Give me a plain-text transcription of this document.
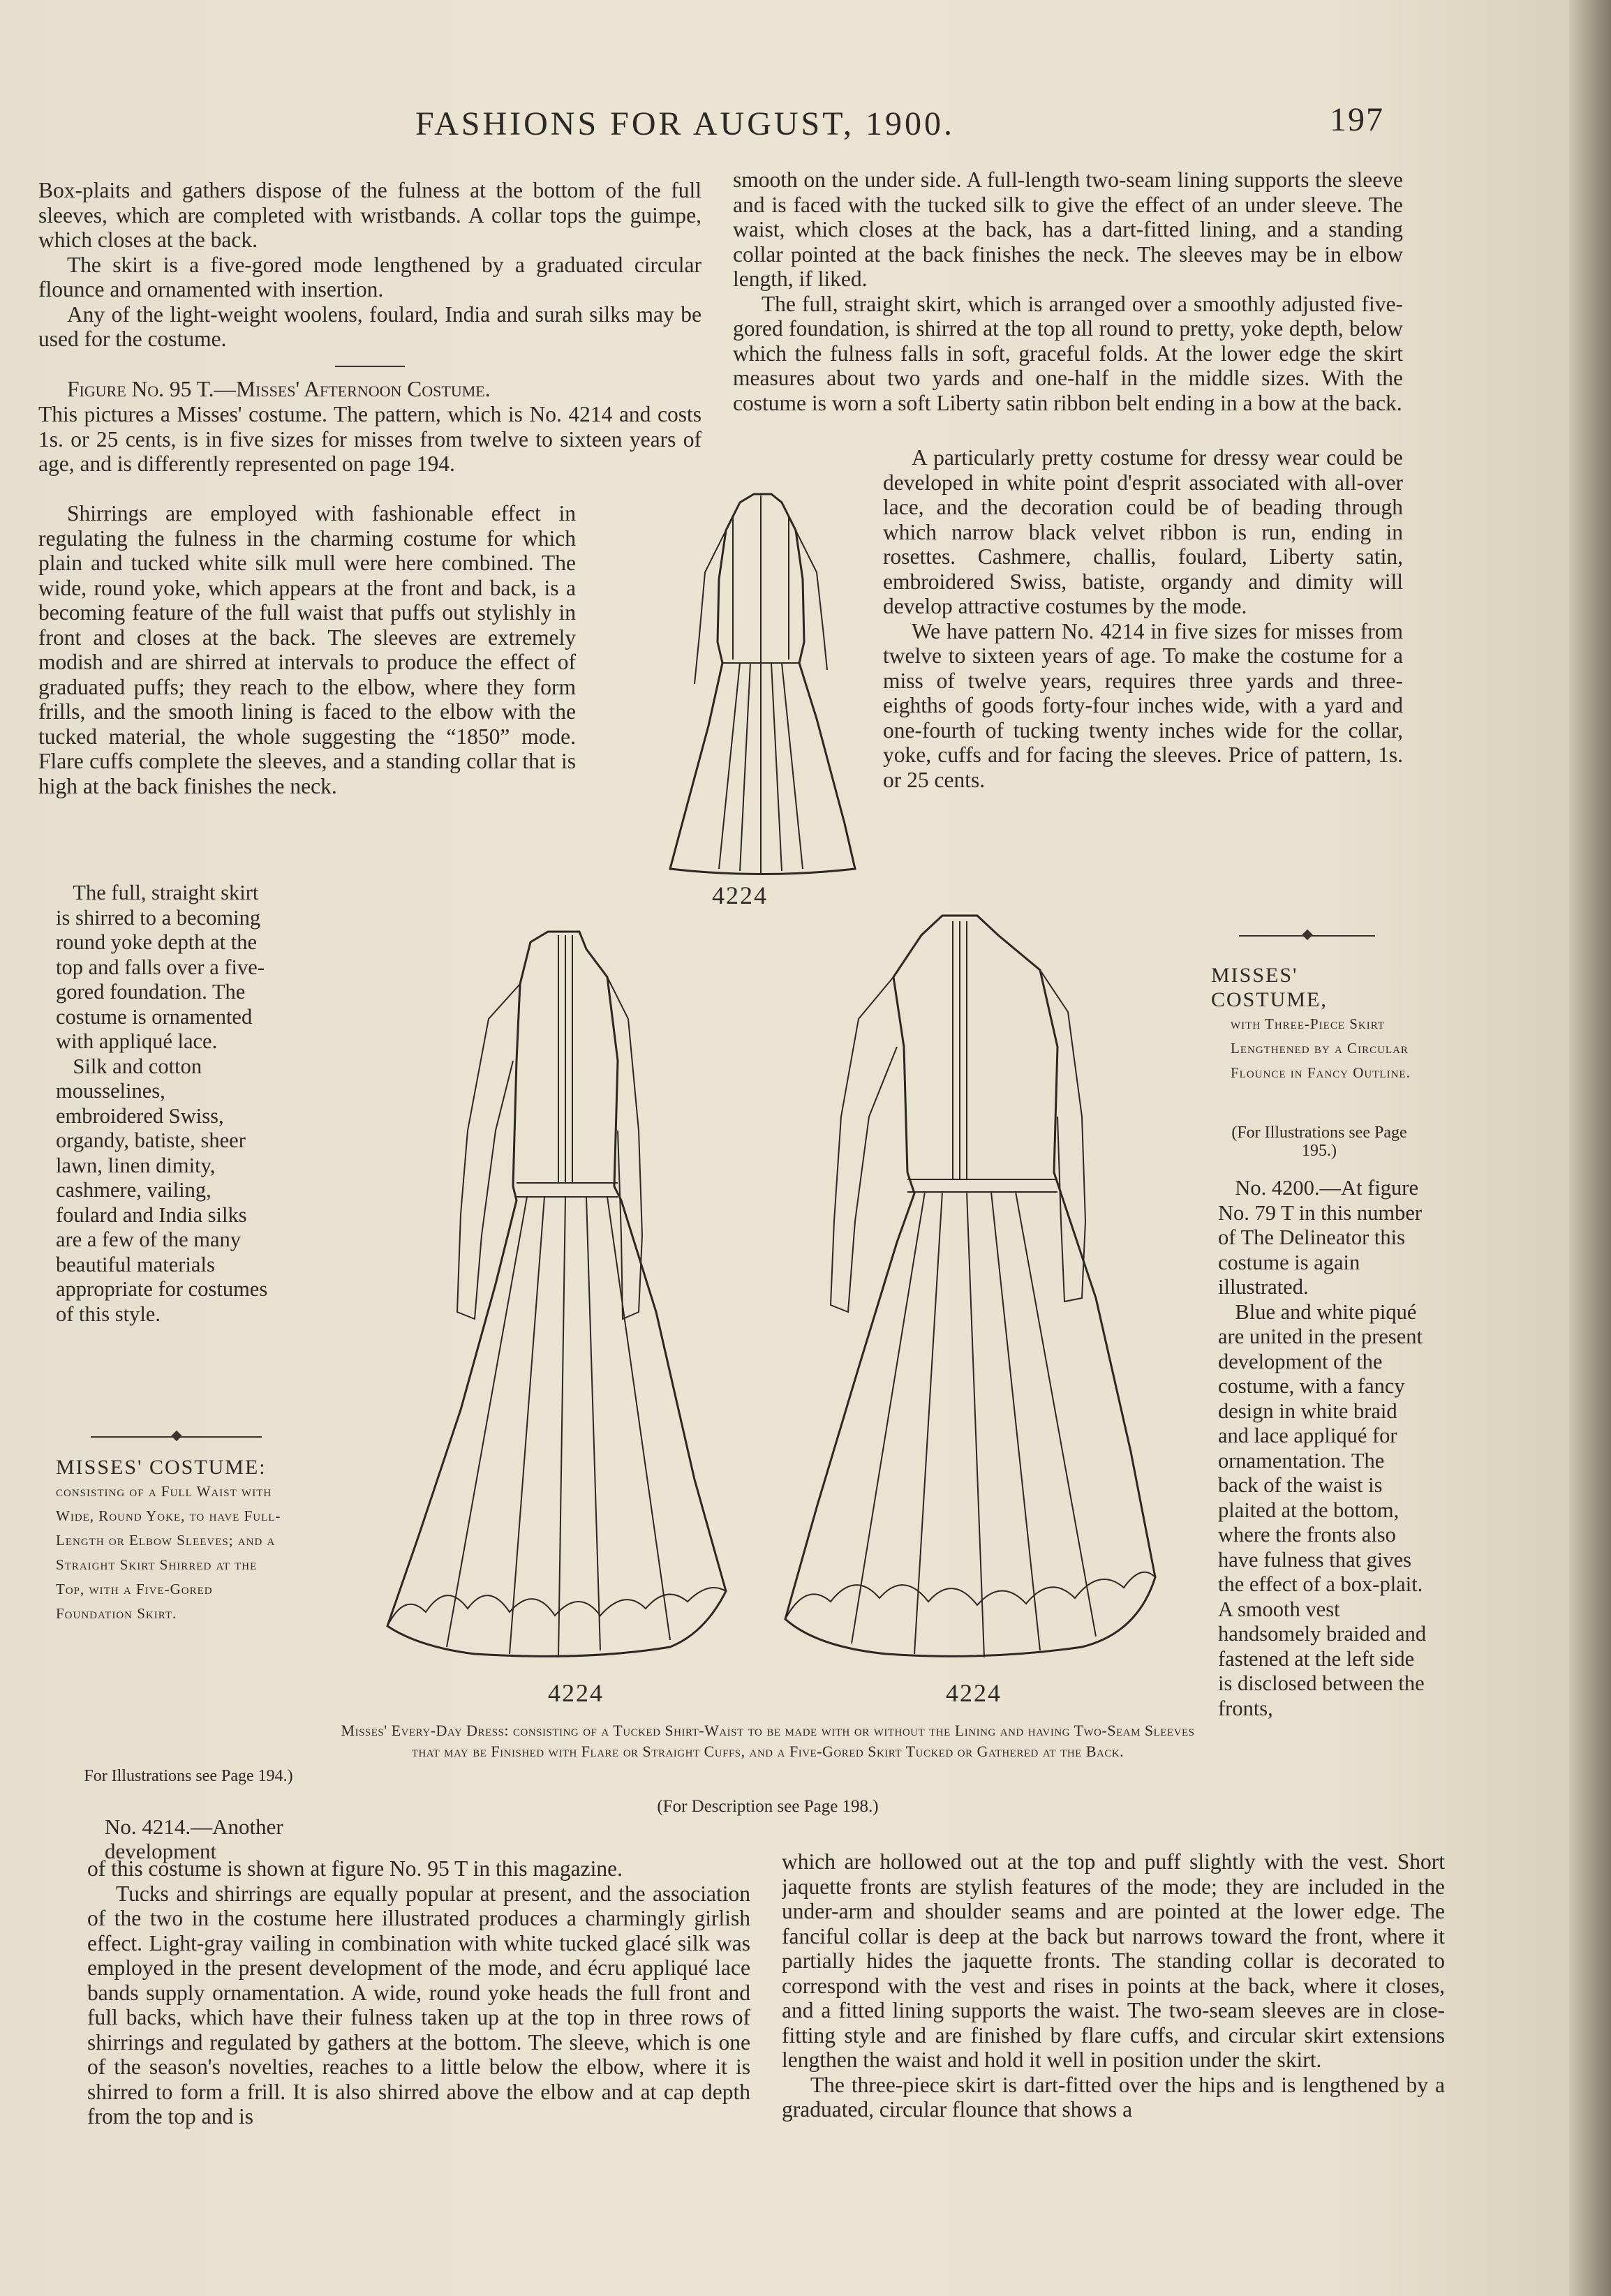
FASHIONS FOR AUGUST, 1900.	197

Box-plaits and gathers dispose of the fulness at the bottom of the full sleeves, which are completed with wristbands. A collar tops the guimpe, which closes at the back.

The skirt is a five-gored mode lengthened by a graduated circular flounce and ornamented with insertion.

Any of the light-weight woolens, foulard, India and surah silks may be used for the costume.

Figure No. 95 T.—Misses' Afternoon Costume.

This pictures a Misses' costume. The pattern, which is No. 4214 and costs 1s. or 25 cents, is in five sizes for misses from twelve to sixteen years of age, and is differently represented on page 194.

Shirrings are employed with fashionable effect in regulating the fulness in the charming costume for which plain and tucked white silk mull were here combined. The wide, round yoke, which appears at the front and back, is a becoming feature of the full waist that puffs out stylishly in front and closes at the back. The sleeves are extremely modish and are shirred at intervals to produce the effect of graduated puffs; they reach to the elbow, where they form frills, and the smooth lining is faced to the elbow with the tucked material, the whole suggesting the “1850” mode. Flare cuffs complete the sleeves, and a standing collar that is high at the back finishes the neck.

The full, straight skirt is shirred to a becoming round yoke depth at the top and falls over a five-gored foundation. The costume is ornamented with appliqué lace.

Silk and cotton mousselines, embroidered Swiss, organdy, batiste, sheer lawn, linen dimity, cashmere, vailing, foulard and India silks are a few of the many beautiful materials appropriate for costumes of this style.

MISSES' COSTUME:
consisting of a Full Waist with Wide, Round Yoke, to have Full-Length or Elbow Sleeves; and a Straight Skirt Shirred at the Top, with a Five-Gored Foundation Skirt.
For Illustrations see Page 194.)
No. 4214.—Another development

smooth on the under side. A full-length two-seam lining supports the sleeve and is faced with the tucked silk to give the effect of an under sleeve. The waist, which closes at the back, has a dart-fitted lining, and a standing collar pointed at the back finishes the neck. The sleeves may be in elbow length, if liked.

The full, straight skirt, which is arranged over a smoothly adjusted five-gored foundation, is shirred at the top all round to pretty, yoke depth, below which the fulness falls in soft, graceful folds. At the lower edge the skirt measures about two yards and one-half in the middle sizes. With the costume is worn a soft Liberty satin ribbon belt ending in a bow at the back.

A particularly pretty costume for dressy wear could be developed in white point d'esprit associated with all-over lace, and the decoration could be of beading through which narrow black velvet ribbon is run, ending in rosettes. Cashmere, challis, foulard, Liberty satin, embroidered Swiss, batiste, organdy and dimity will develop attractive costumes by the mode.

We have pattern No. 4214 in five sizes for misses from twelve to sixteen years of age. To make the costume for a miss of twelve years, requires three yards and three-eighths of goods forty-four inches wide, with a yard and one-fourth of tucking twenty inches wide for the collar, yoke, cuffs and for facing the sleeves. Price of pattern, 1s. or 25 cents.

MISSES' COSTUME,
with Three-Piece Skirt Lengthened by a Circular Flounce in Fancy Outline.
(For Illustrations see Page 195.)

No. 4200.—At figure No. 79 T in this number of The Delineator this costume is again illustrated.

Blue and white piqué are united in the present development of the costume, with a fancy design in white braid and lace appliqué for ornamentation. The back of the waist is plaited at the bottom, where the fronts also have fulness that gives the effect of a box-plait. A smooth vest handsomely braided and fastened at the left side is disclosed between the fronts,

4224
4224	4224
Misses' Every-Day Dress: consisting of a Tucked Shirt-Waist to be made with or without the Lining and having Two-Seam Sleeves that may be Finished with Flare or Straight Cuffs, and a Five-Gored Skirt Tucked or Gathered at the Back.
(For Description see Page 198.)

of this costume is shown at figure No. 95 T in this magazine.

Tucks and shirrings are equally popular at present, and the association of the two in the costume here illustrated produces a charmingly girlish effect. Light-gray vailing in combination with white tucked glacé silk was employed in the present development of the mode, and écru appliqué lace bands supply ornamentation. A wide, round yoke heads the full front and full backs, which have their fulness taken up at the top in three rows of shirrings and regulated by gathers at the bottom. The sleeve, which is one of the season's novelties, reaches to a little below the elbow, where it is shirred to form a frill. It is also shirred above the elbow and at cap depth from the top and is

which are hollowed out at the top and puff slightly with the vest. Short jaquette fronts are stylish features of the mode; they are included in the under-arm and shoulder seams and are pointed at the lower edge. The fanciful collar is deep at the back but narrows toward the front, where it partially hides the jaquette fronts. The standing collar is decorated to correspond with the vest and rises in points at the back, where it closes, and a fitted lining supports the waist. The two-seam sleeves are in close-fitting style and are finished by flare cuffs, and circular skirt extensions lengthen the waist and hold it well in position under the skirt.

The three-piece skirt is dart-fitted over the hips and is lengthened by a graduated, circular flounce that shows a
